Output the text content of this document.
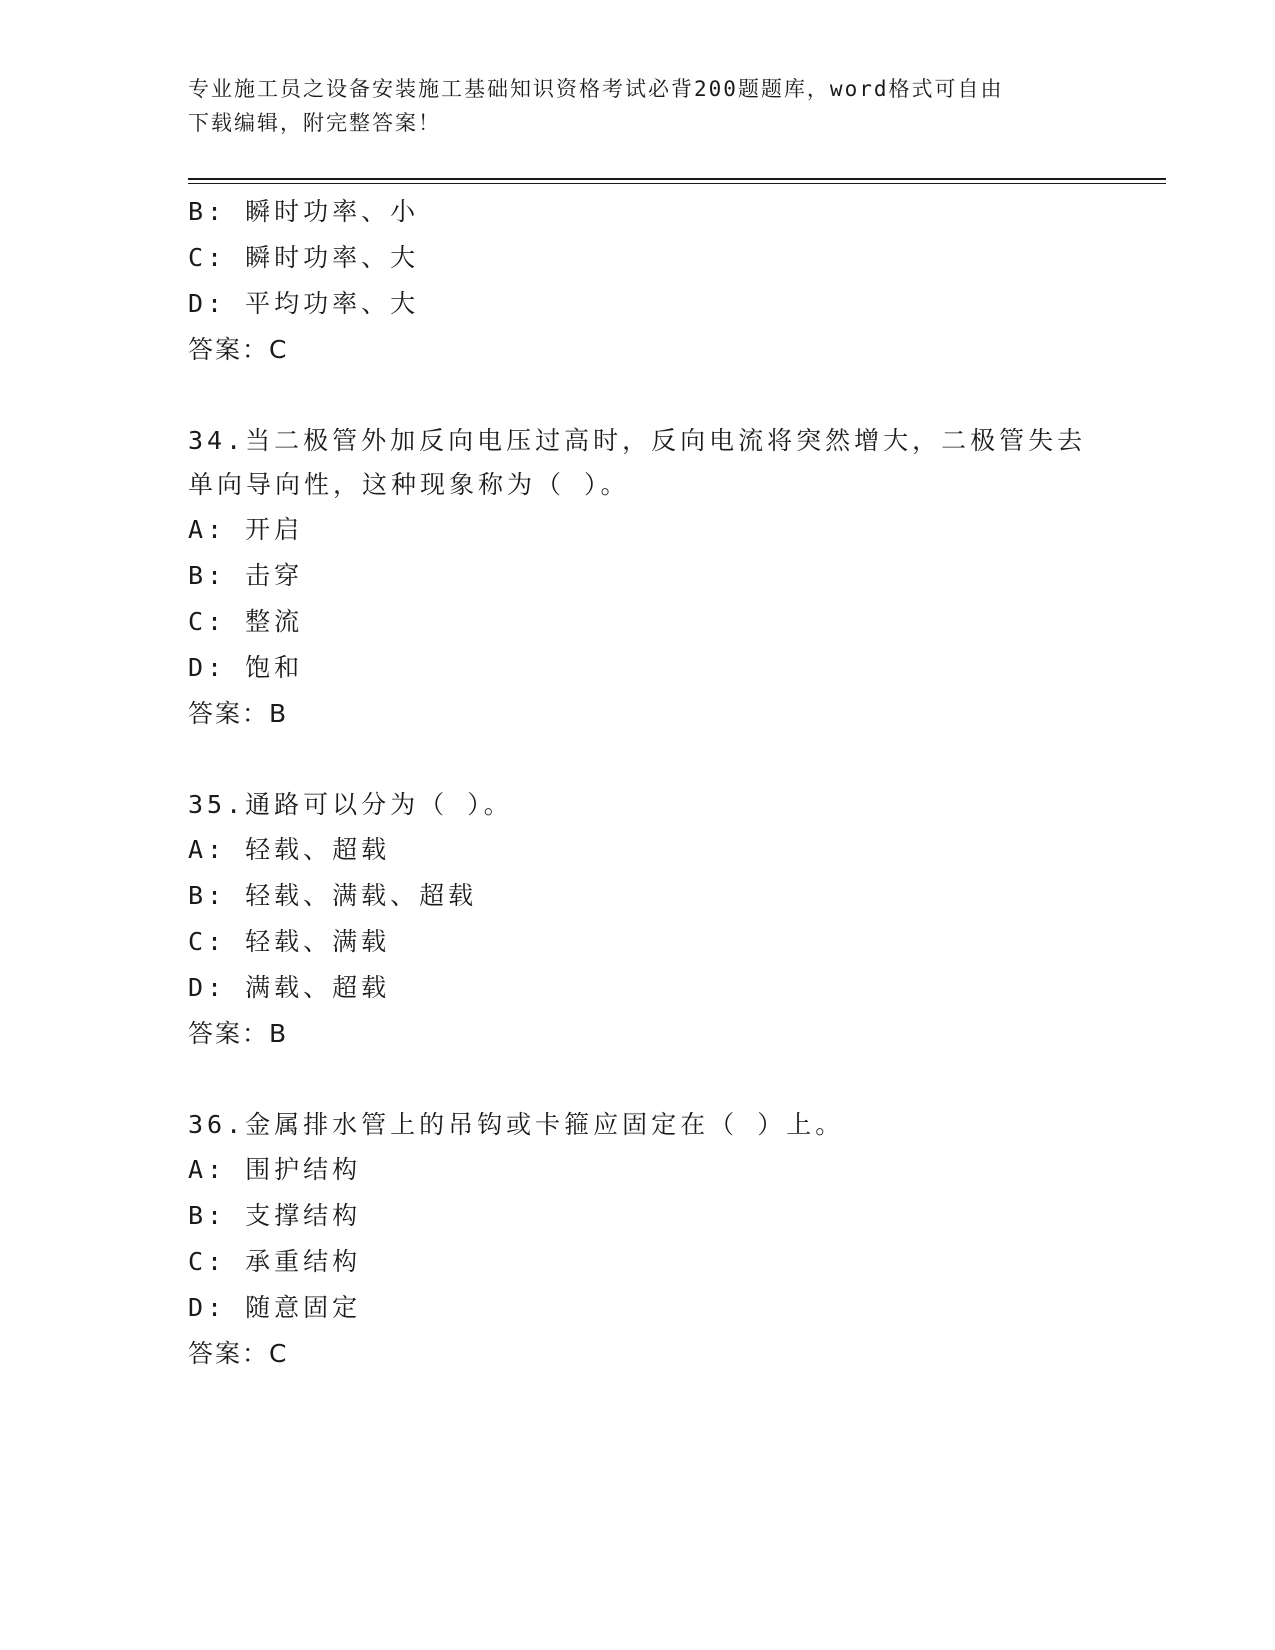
专业施工员之设备安装施工基础知识资格考试必背200题题库，word格式可自由
下载编辑，附完整答案！
B: 瞬时功率、小
C: 瞬时功率、大
D: 平均功率、大
答案：C
34.当二极管外加反向电压过高时，反向电流将突然增大，二极管失去
单向导向性，这种现象称为（ ）。
A: 开启
B: 击穿
C: 整流
D: 饱和
答案：B
35.通路可以分为（ ）。
A: 轻载、超载
B: 轻载、满载、超载
C: 轻载、满载
D: 满载、超载
答案：B
36.金属排水管上的吊钩或卡箍应固定在（ ）上。
A: 围护结构
B: 支撑结构
C: 承重结构
D: 随意固定
答案：C
